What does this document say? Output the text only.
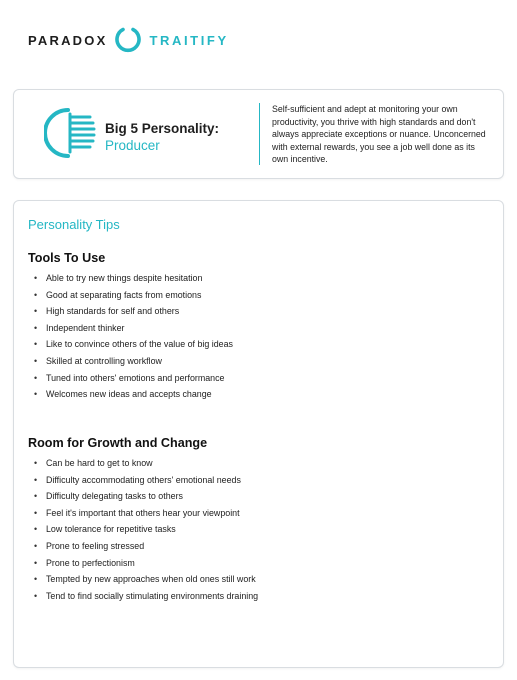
PARADOX	TRAITIFY
Big 5 Personality:
Producer
Self-sufficient and adept at monitoring your own productivity, you thrive with high standards and don't always appreciate exceptions or nuance. Unconcerned with external rewards, you see a job well done as its own incentive.
Personality Tips
Tools To Use
• Able to try new things despite hesitation
• Good at separating facts from emotions
• High standards for self and others
• Independent thinker
• Like to convince others of the value of big ideas
• Skilled at controlling workflow
• Tuned into others' emotions and performance
• Welcomes new ideas and accepts change
Room for Growth and Change
• Can be hard to get to know
• Difficulty accommodating others' emotional needs
• Difficulty delegating tasks to others
• Feel it's important that others hear your viewpoint
• Low tolerance for repetitive tasks
• Prone to feeling stressed
• Prone to perfectionism
• Tempted by new approaches when old ones still work
• Tend to find socially stimulating environments draining
